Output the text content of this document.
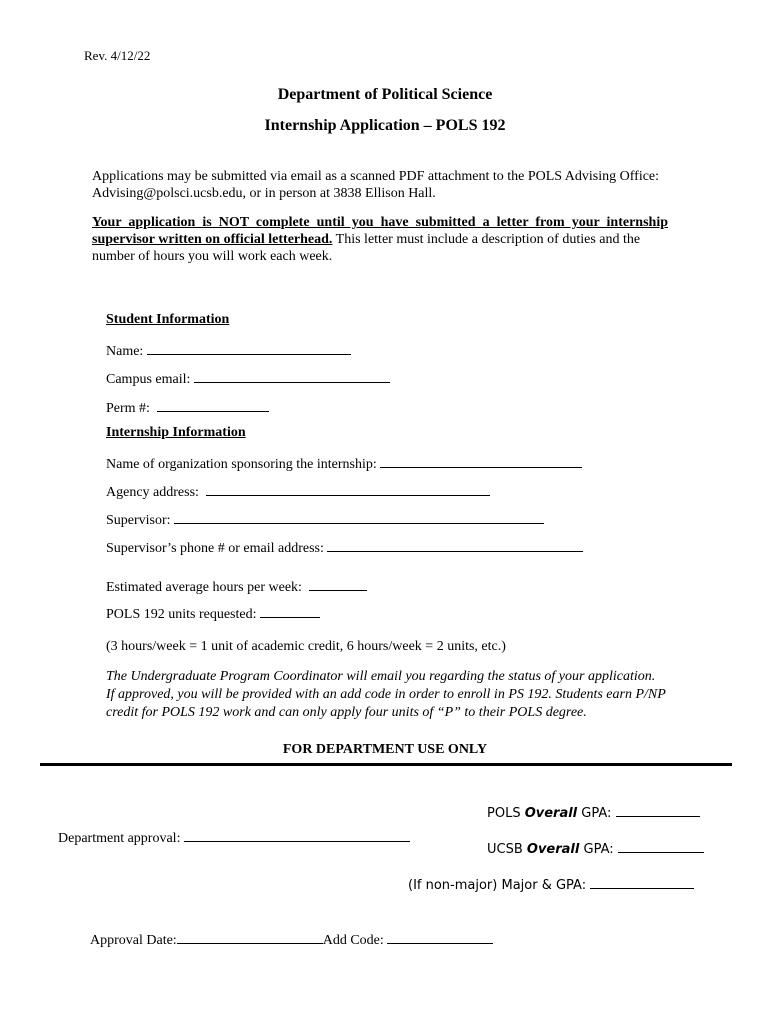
Rev. 4/12/22
Department of Political Science
Internship Application – POLS 192
Applications may be submitted via email as a scanned PDF attachment to the POLS Advising Office: Advising@polsci.ucsb.edu, or in person at 3838 Ellison Hall.
Your application is NOT complete until you have submitted a letter from your internship
supervisor written on official letterhead. This letter must include a description of duties and the number of hours you will work each week.
Student Information
Name:
Campus email:
Perm #:
Internship Information
Name of organization sponsoring the internship:
Agency address:
Supervisor:
Supervisor’s phone # or email address:
Estimated average hours per week:
POLS 192 units requested:
(3 hours/week = 1 unit of academic credit, 6 hours/week = 2 units, etc.)
The Undergraduate Program Coordinator will email you regarding the status of your application. If approved, you will be provided with an add code in order to enroll in PS 192. Students earn P/NP credit for POLS 192 work and can only apply four units of “P” to their POLS degree.
FOR DEPARTMENT USE ONLY
POLS Overall GPA:
Department approval:
UCSB Overall GPA:
(If non-major) Major & GPA:
Approval Date:	Add Code:
